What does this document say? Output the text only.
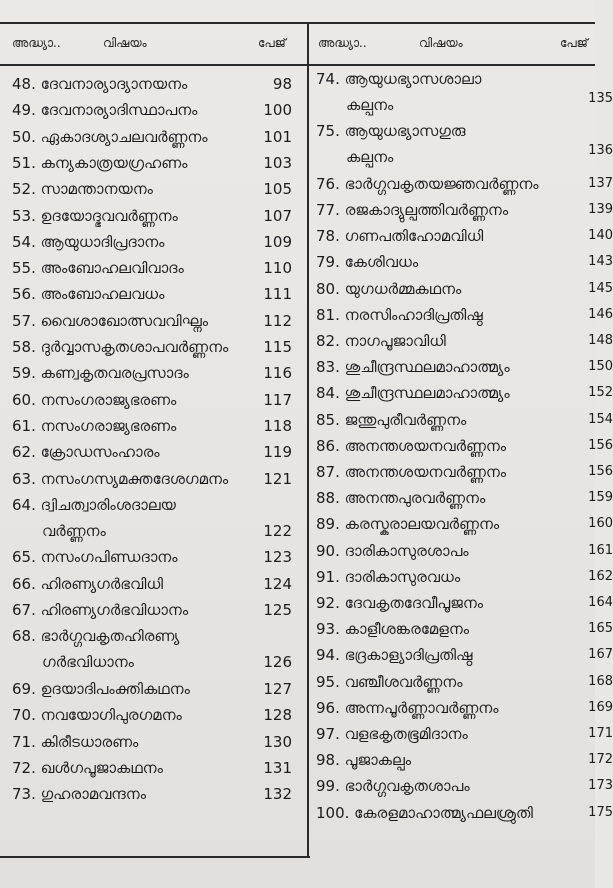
അദ്ധ്യാ..	വിഷയം	പേജ്	അദ്ധ്യാ..	വിഷയം	പേജ്
48. ദേവനാര്യാദ്യാനയനം	98
49. ദേവനാര്യാദിസ്ഥാപനം	100
50. ഏകാദശ്യാചലവർണ്ണനം	101
51. കന്യകാത്രയഗ്രഹണം	103
52. സാമന്താനയനം	105
53. ഉദയോദ്ഭവവർണ്ണനം	107
54. ആയുധാദിപ്രദാനം	109
55. അംബോഹലവിവാദം	110
56. അംബോഹലവധം	111
57. വൈശാഖോത്സവവിഘ്നം	112
58. ദുർവ്വാസകൃതശാപവർണ്ണനം	115
59. കണ്വകൃതവരപ്രസാദം	116
60. നസംഗരാജ്യഭരണം	117
61. നസംഗരാജ്യഭരണം	118
62. ക്രോഡസംഹാരം	119
63. നസംഗസ്യമക്തദേശഗമനം	121
64. ദ്വിചത്വാരിംശദാലയ
വർണ്ണനം	122
65. നസംഗപിണ്ഡദാനം	123
66. ഹിരണ്യഗർഭവിധി	124
67. ഹിരണ്യഗർഭവിധാനം	125
68. ഭാർഗ്ഗവകൃതഹിരണ്യ
ഗർഭവിധാനം	126
69. ഉദയാദിപംക്തികഥനം	127
70. നവയോഗിപുരഗമനം	128
71. കിരീടധാരണം	130
72. ഖൾഗപൂജാകഥനം	131
73. ഗുഹരാമവന്ദനം	132
74. ആയുധഭ്യാസശാലാ
കല്പനം	135
75. ആയുധഭ്യാസഗുരു
കല്പനം	136
76. ഭാർഗ്ഗവകൃതയജ്ഞവർണ്ണനം	137
77. രജകാദ്യുല്പത്തിവർണ്ണനം	139
78. ഗണപതിഹോമവിധി	140
79. കേശിവധം	143
80. യുഗധർമ്മകഥനം	145
81. നരസിംഹാദിപ്രതിഷ്ഠ	146
82. നാഗപൂജാവിധി	148
83. ശുചീന്ദ്രസ്ഥലമാഹാത്മ്യം	150
84. ശുചീന്ദ്രസ്ഥലമാഹാത്മ്യം	152
85. ജന്തുപുരീവർണ്ണനം	154
86. അനന്തശയനവർണ്ണനം	156
87. അനന്തശയനവർണ്ണനം	156
88. അനന്തപുരവർണ്ണനം	159
89. കരസ്കരാലയവർണ്ണനം	160
90. ദാരികാസുരശാപം	161
91. ദാരികാസുരവധം	162
92. ദേവകൃതദേവീപൂജനം	164
93. കാളീശങ്കരമേളനം	165
94. ഭദ്രകാള്യാദിപ്രതിഷ്ഠ	167
95. വഞ്ചീശവർണ്ണനം	168
96. അന്നപൂർണ്ണാവർണ്ണനം	169
97. വളഭകൃതഭൂമിദാനം	171
98. പൂജാകല്പം	172
99. ഭാർഗ്ഗവകൃതശാപം	173
100. കേരളമാഹാത്മ്യഫലശ്രുതി	175
